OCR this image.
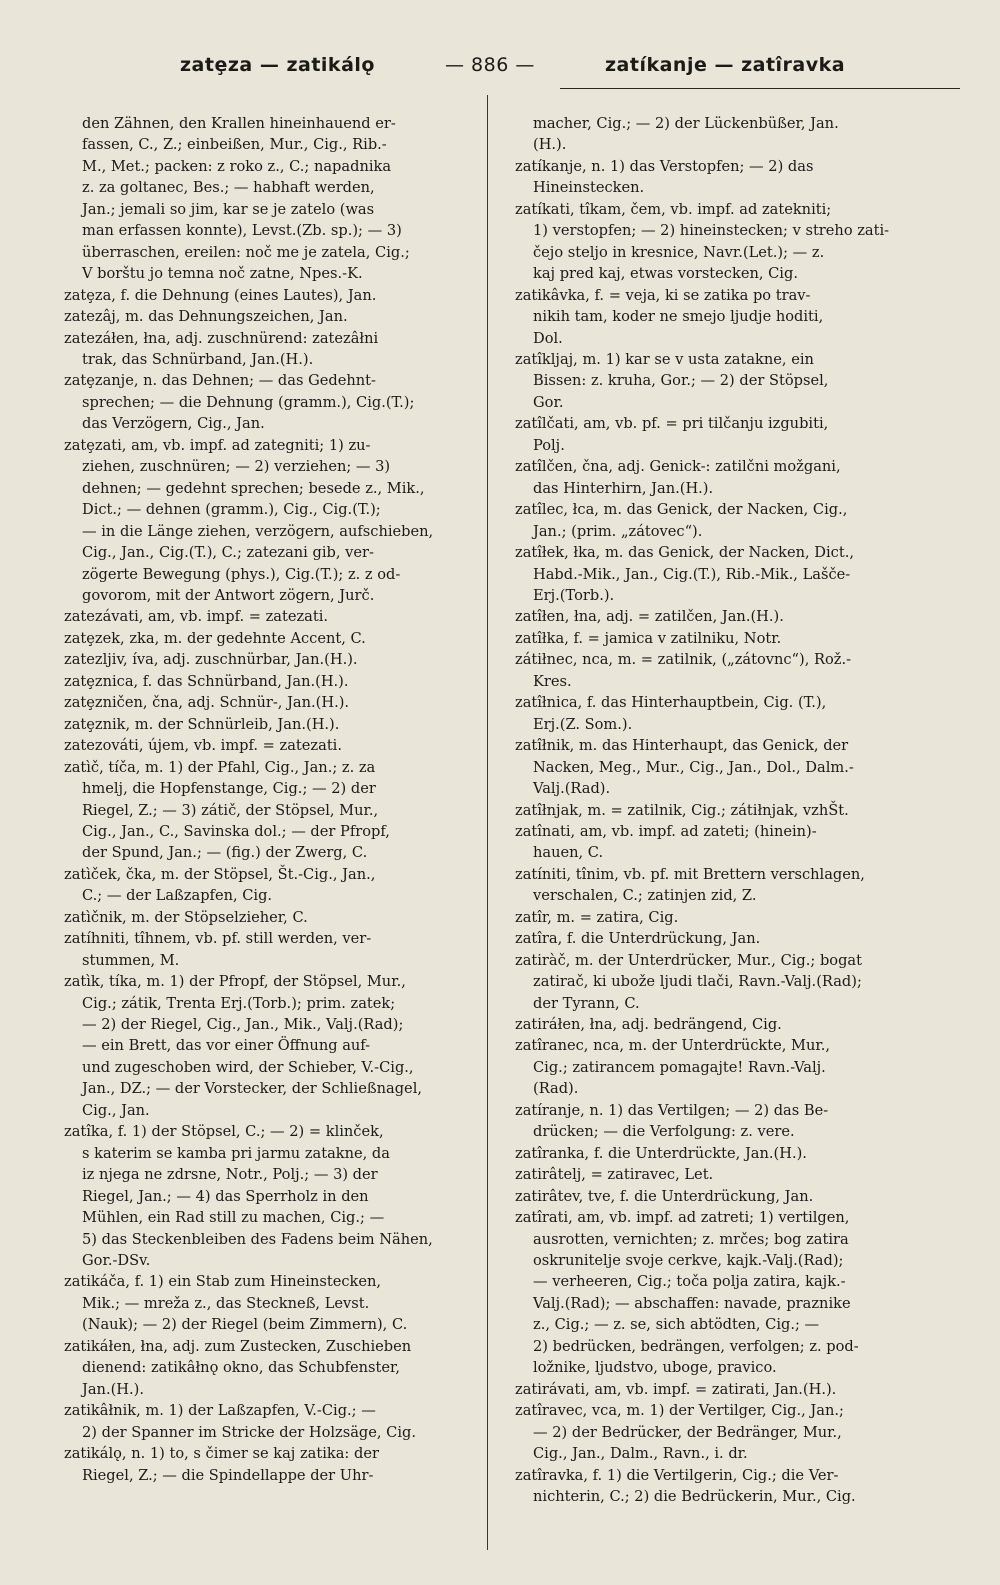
zatȩza — zatikálǫ	— 886 —	zatíkanje — zatîravka
den Zähnen, den Krallen hineinhauend er-
fassen, C., Z.; einbeißen, Mur., Cig., Rib.-
M., Met.; packen: z roko z., C.; napadnika
z. za goltanec, Bes.; — habhaft werden,
Jan.; jemali so jim, kar se je zatelo (was
man erfassen konnte), Levst.(Zb. sp.); — 3)
überraschen, ereilen: noč me je zatela, Cig.;
V borštu jo temna noč zatne, Npes.-K.
zatȩza, f. die Dehnung (eines Lautes), Jan.
zatezâj, m. das Dehnungszeichen, Jan.
zatezáłen, łna, adj. zuschnürend: zatezâłni
trak, das Schnürband, Jan.(H.).
zatȩzanje, n. das Dehnen; — das Gedehnt-
sprechen; — die Dehnung (gramm.), Cig.(T.);
das Verzögern, Cig., Jan.
zatȩzati, am, vb. impf. ad zategniti; 1) zu-
ziehen, zuschnüren; — 2) verziehen; — 3)
dehnen; — gedehnt sprechen; besede z., Mik.,
Dict.; — dehnen (gramm.), Cig., Cig.(T.);
— in die Länge ziehen, verzögern, aufschieben,
Cig., Jan., Cig.(T.), C.; zatezani gib, ver-
zögerte Bewegung (phys.), Cig.(T.); z. z od-
govorom, mit der Antwort zögern, Jurč.
zatezávati, am, vb. impf. = zatezati.
zatȩzek, zka, m. der gedehnte Accent, C.
zatezljiv, íva, adj. zuschnürbar, Jan.(H.).
zatȩznica, f. das Schnürband, Jan.(H.).
zatȩzničen, čna, adj. Schnür-, Jan.(H.).
zatȩznik, m. der Schnürleib, Jan.(H.).
zatezováti, újem, vb. impf. = zatezati.
zatìč, tíča, m. 1) der Pfahl, Cig., Jan.; z. za
hmelj, die Hopfenstange, Cig.; — 2) der
Riegel, Z.; — 3) zátič, der Stöpsel, Mur.,
Cig., Jan., C., Savinska dol.; — der Pfropf,
der Spund, Jan.; — (fig.) der Zwerg, C.
zatìček, čka, m. der Stöpsel, Št.-Cig., Jan.,
C.; — der Laßzapfen, Cig.
zatìčnik, m. der Stöpselzieher, C.
zatíhniti, tîhnem, vb. pf. still werden, ver-
stummen, M.
zatìk, tíka, m. 1) der Pfropf, der Stöpsel, Mur.,
Cig.; zátik, Trenta Erj.(Torb.); prim. zatek;
— 2) der Riegel, Cig., Jan., Mik., Valj.(Rad);
— ein Brett, das vor einer Öffnung auf-
und zugeschoben wird, der Schieber, V.-Cig.,
Jan., DZ.; — der Vorstecker, der Schließnagel,
Cig., Jan.
zatîka, f. 1) der Stöpsel, C.; — 2) = klinček,
s katerim se kamba pri jarmu zatakne, da
iz njega ne zdrsne, Notr., Polj.; — 3) der
Riegel, Jan.; — 4) das Sperrholz in den
Mühlen, ein Rad still zu machen, Cig.; —
5) das Steckenbleiben des Fadens beim Nähen,
Gor.-DSv.
zatikáča, f. 1) ein Stab zum Hineinstecken,
Mik.; — mreža z., das Steckneß, Levst.
(Nauk); — 2) der Riegel (beim Zimmern), C.
zatikáłen, łna, adj. zum Zustecken, Zuschieben
dienend: zatikâłnǫ okno, das Schubfenster,
Jan.(H.).
zatikâłnik, m. 1) der Laßzapfen, V.-Cig.; —
2) der Spanner im Stricke der Holzsäge, Cig.
zatikálǫ, n. 1) to, s čimer se kaj zatika: der
Riegel, Z.; — die Spindellappe der Uhr-
macher, Cig.; — 2) der Lückenbüßer, Jan.
(H.).
zatíkanje, n. 1) das Verstopfen; — 2) das
Hineinstecken.
zatíkati, tîkam, čem, vb. impf. ad zatekniti;
1) verstopfen; — 2) hineinstecken; v streho zati-
čejo steljo in kresnice, Navr.(Let.); — z.
kaj pred kaj, etwas vorstecken, Cig.
zatikâvka, f. = veja, ki se zatika po trav-
nikih tam, koder ne smejo ljudje hoditi,
Dol.
zatîkljaj, m. 1) kar se v usta zatakne, ein
Bissen: z. kruha, Gor.; — 2) der Stöpsel,
Gor.
zatîlčati, am, vb. pf. = pri tilčanju izgubiti,
Polj.
zatîlčen, čna, adj. Genick-: zatilčni možgani,
das Hinterhirn, Jan.(H.).
zatîlec, łca, m. das Genick, der Nacken, Cig.,
Jan.; (prim. „zátovec“).
zatîłek, łka, m. das Genick, der Nacken, Dict.,
Habd.-Mik., Jan., Cig.(T.), Rib.-Mik., Lašče-
Erj.(Torb.).
zatîłen, łna, adj. = zatilčen, Jan.(H.).
zatîłka, f. = jamica v zatilniku, Notr.
zátiłnec, nca, m. = zatilnik, („zátovnc“), Rož.-
Kres.
zatîłnica, f. das Hinterhauptbein, Cig. (T.),
Erj.(Z. Som.).
zatîłnik, m. das Hinterhaupt, das Genick, der
Nacken, Meg., Mur., Cig., Jan., Dol., Dalm.-
Valj.(Rad).
zatîłnjak, m. = zatilnik, Cig.; zátiłnjak, vzhŠt.
zatînati, am, vb. impf. ad zateti; (hinein)-
hauen, C.
zatíniti, tînim, vb. pf. mit Brettern verschlagen,
verschalen, C.; zatinjen zid, Z.
zatîr, m. = zatira, Cig.
zatîra, f. die Unterdrückung, Jan.
zatiràč, m. der Unterdrücker, Mur., Cig.; bogat
zatirač, ki ubože ljudi tlači, Ravn.-Valj.(Rad);
der Tyrann, C.
zatiráłen, łna, adj. bedrängend, Cig.
zatîranec, nca, m. der Unterdrückte, Mur.,
Cig.; zatirancem pomagajte! Ravn.-Valj.
(Rad).
zatíranje, n. 1) das Vertilgen; — 2) das Be-
drücken; — die Verfolgung: z. vere.
zatîranka, f. die Unterdrückte, Jan.(H.).
zatirâtelj, = zatiravec, Let.
zatirâtev, tve, f. die Unterdrückung, Jan.
zatîrati, am, vb. impf. ad zatreti; 1) vertilgen,
ausrotten, vernichten; z. mrčes; bog zatira
oskrunitelje svoje cerkve, kajk.-Valj.(Rad);
— verheeren, Cig.; toča polja zatira, kajk.-
Valj.(Rad); — abschaffen: navade, praznike
z., Cig.; — z. se, sich abtödten, Cig.; —
2) bedrücken, bedrängen, verfolgen; z. pod-
ložnike, ljudstvo, uboge, pravico.
zatirávati, am, vb. impf. = zatirati, Jan.(H.).
zatîravec, vca, m. 1) der Vertilger, Cig., Jan.;
— 2) der Bedrücker, der Bedränger, Mur.,
Cig., Jan., Dalm., Ravn., i. dr.
zatîravka, f. 1) die Vertilgerin, Cig.; die Ver-
nichterin, C.; 2) die Bedrückerin, Mur., Cig.
